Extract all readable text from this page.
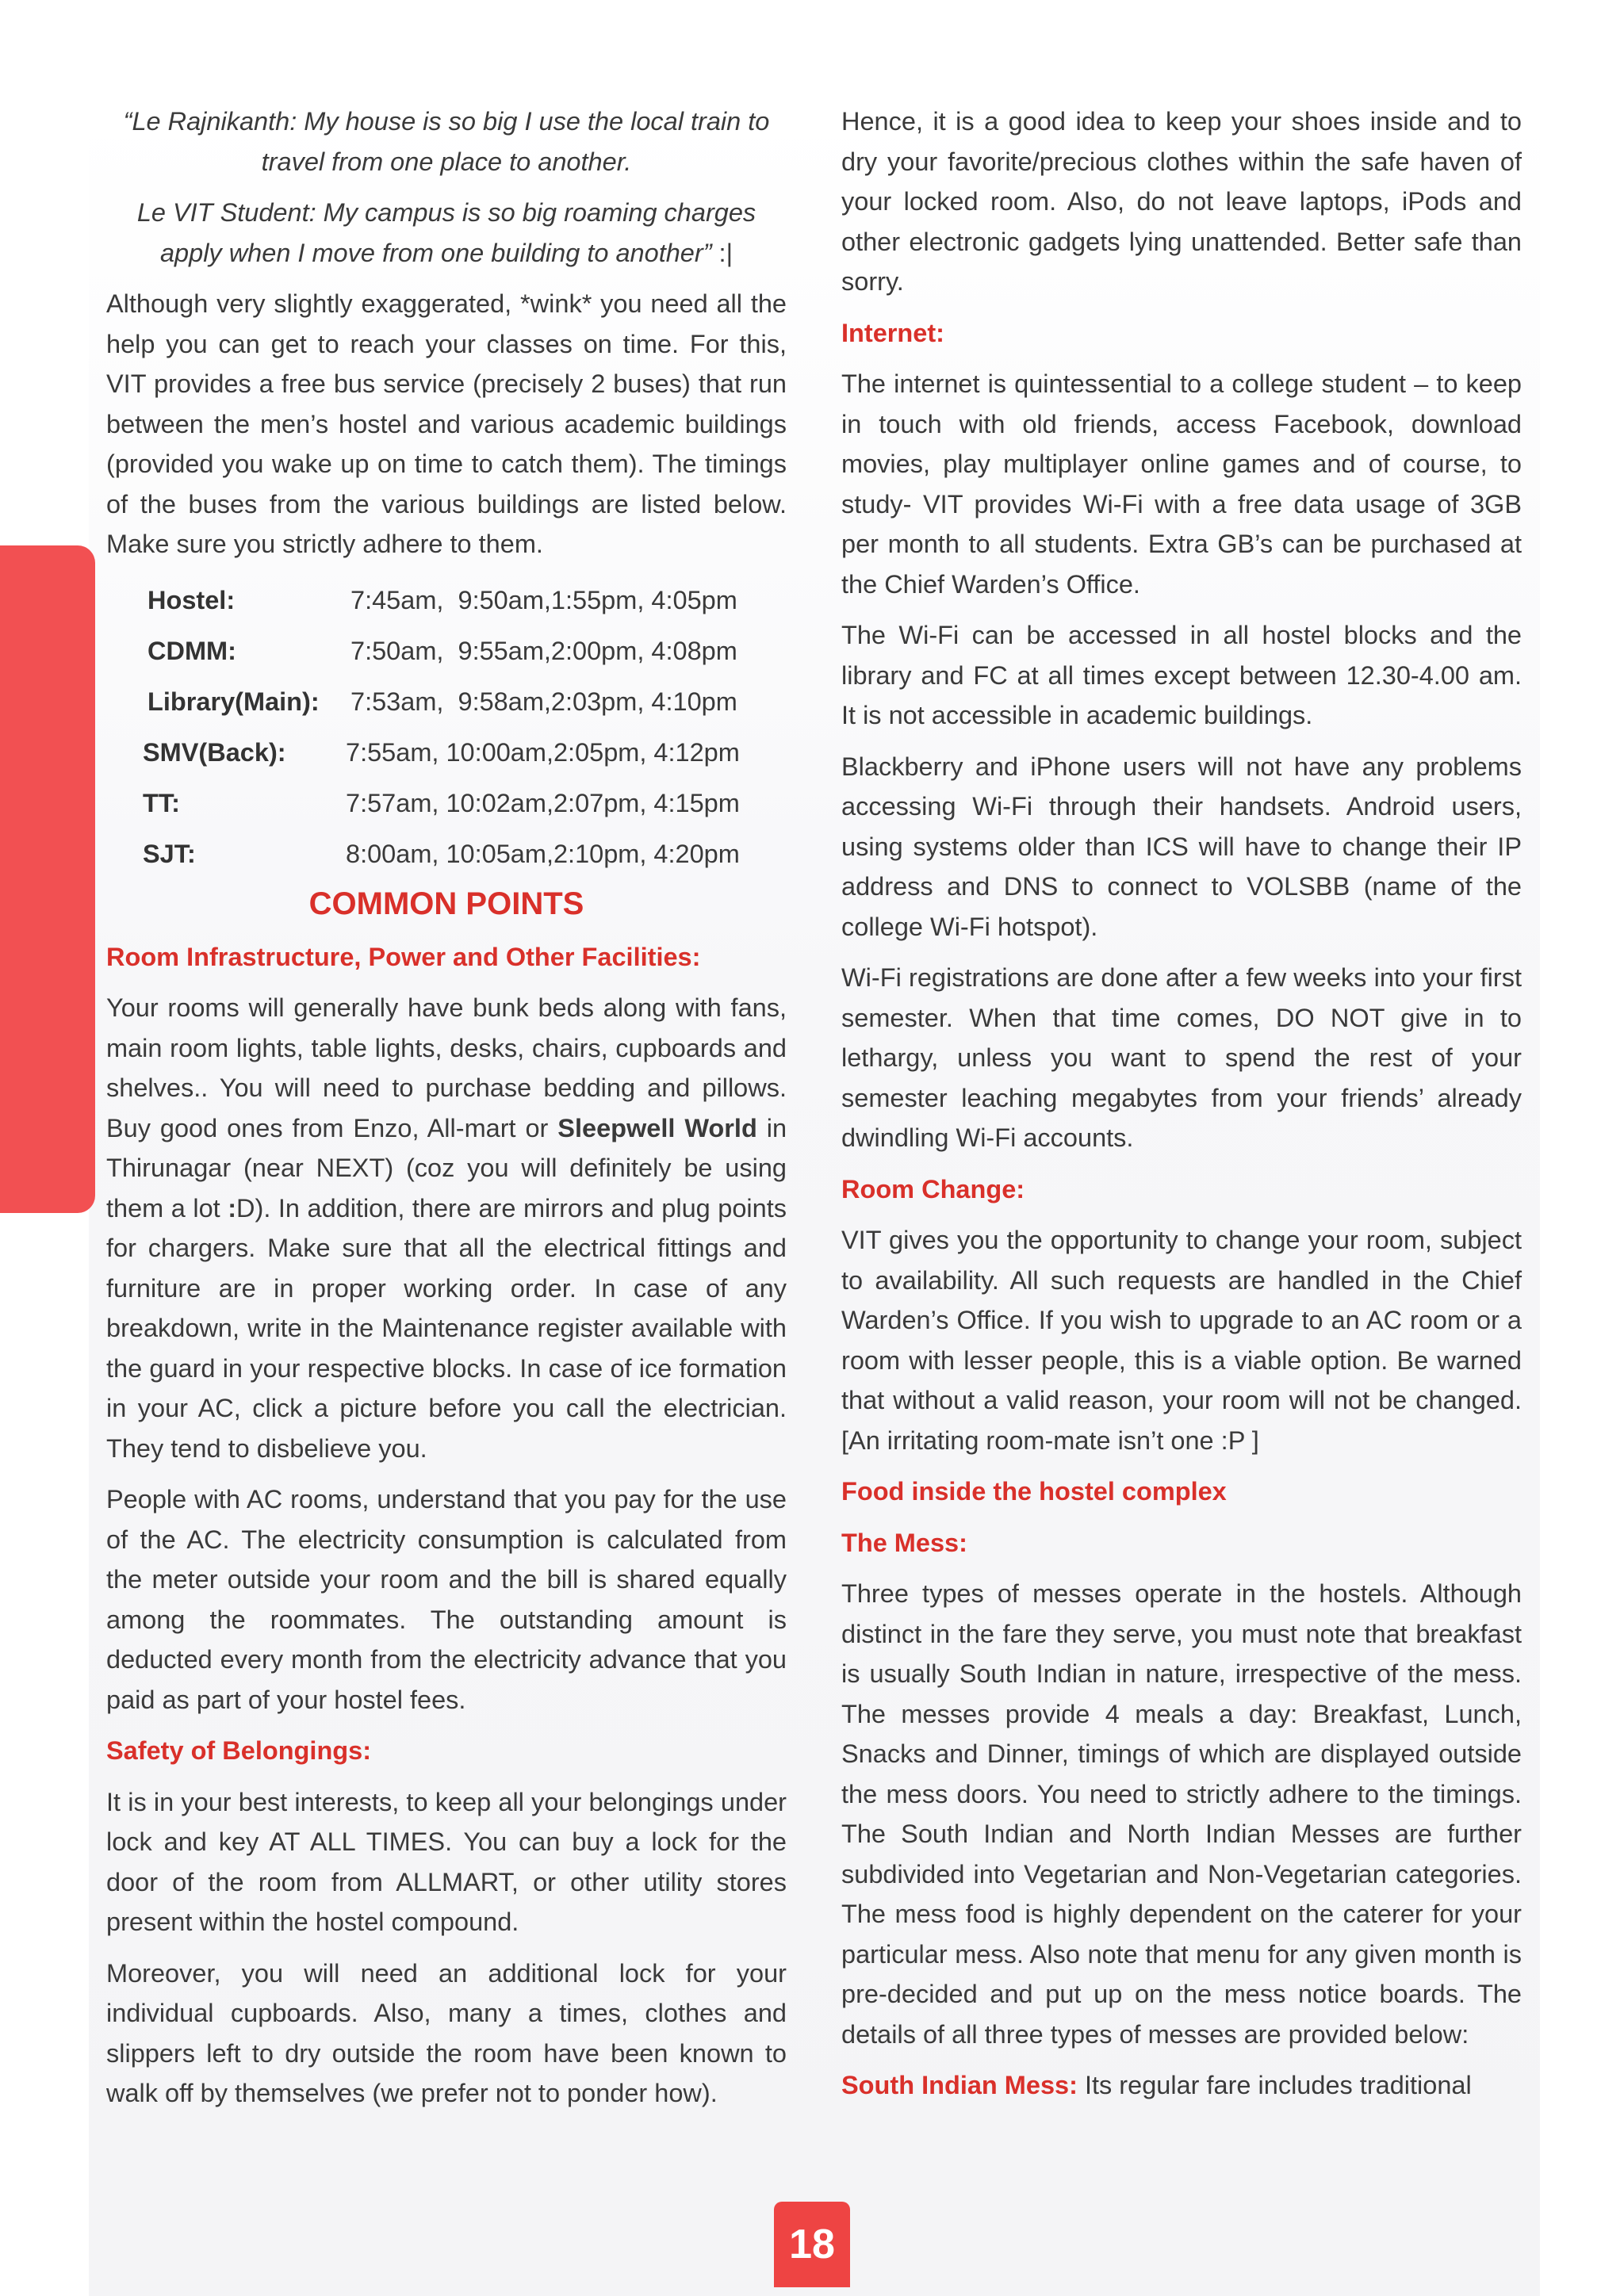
“Le Rajnikanth: My house is so big I use the local train to travel from one place to another.

Le VIT Student: My campus is so big roaming charges apply when I move from one building to another” :|

Although very slightly exaggerated, *wink* you need all the help you can get to reach your classes on time. For this, VIT provides a free bus service (precisely 2 buses) that run between the men’s hostel and various academic buildings (provided you wake up on time to catch them). The timings of the buses from the various buildings are listed below. Make sure you strictly adhere to them.

Hostel:	7:45am,  9:50am,1:55pm, 4:05pm
CDMM:	7:50am,  9:55am,2:00pm, 4:08pm
Library(Main):	7:53am,  9:58am,2:03pm, 4:10pm
SMV(Back):	7:55am, 10:00am,2:05pm, 4:12pm
TT:	7:57am, 10:02am,2:07pm, 4:15pm
SJT:	8:00am, 10:05am,2:10pm, 4:20pm
COMMON POINTS
Room Infrastructure, Power and Other Facilities:

Your rooms will generally have bunk beds along with fans, main room lights, table lights, desks, chairs, cupboards and shelves.. You will need to purchase bedding and pillows. Buy good ones from Enzo, All-mart or Sleepwell World in Thirunagar (near NEXT) (coz you will definitely be using them a lot :D). In addition, there are mirrors and plug points for chargers. Make sure that all the electrical fittings and furniture are in proper working order. In case of any breakdown, write in the Maintenance register available with the guard in your respective blocks. In case of ice formation in your AC, click a picture before you call the electrician. They tend to disbelieve you.

People with AC rooms, understand that you pay for the use of the AC. The electricity consumption is calculated from the meter outside your room and the bill is shared equally among the roommates. The outstanding amount is deducted every month from the electricity advance that you paid as part of your hostel fees.

Safety of Belongings:

It is in your best interests, to keep all your belongings under lock and key AT ALL TIMES. You can buy a lock for the door of the room from ALLMART, or other utility stores present within the hostel compound.

Moreover, you will need an additional lock for your individual cupboards. Also, many a times, clothes and slippers left to dry outside the room have been known to walk off by themselves (we prefer not to ponder how).

Hence, it is a good idea to keep your shoes inside and to dry your favorite/precious clothes within the safe haven of your locked room. Also, do not leave laptops, iPods and other electronic gadgets lying unattended. Better safe than sorry.

Internet:

The internet is quintessential to a college student – to keep in touch with old friends, access Facebook, download movies, play multiplayer online games and of course, to study- VIT provides Wi-Fi with a free data usage of 3GB per month to all students. Extra GB’s can be purchased at the Chief Warden’s Office.

The Wi-Fi can be accessed in all hostel blocks and the library and FC at all times except between 12.30-4.00 am. It is not accessible in academic buildings.

Blackberry and iPhone users will not have any problems accessing Wi-Fi through their handsets. Android users, using systems older than ICS will have to change their IP address and DNS to connect to VOLSBB (name of the college Wi-Fi hotspot).

Wi-Fi registrations are done after a few weeks into your first semester. When that time comes, DO NOT give in to lethargy, unless you want to spend the rest of your semester leaching megabytes from your friends’ already dwindling Wi-Fi accounts.

Room Change:

VIT gives you the opportunity to change your room, subject to availability. All such requests are handled in the Chief Warden’s Office. If you wish to upgrade to an AC room or a room with lesser people, this is a viable option. Be warned that without a valid reason, your room will not be changed. [An irritating room-mate isn’t one :P ]

Food inside the hostel complex
The Mess:

Three types of messes operate in the hostels. Although distinct in the fare they serve, you must note that breakfast is usually South Indian in nature, irrespective of the mess. The messes provide 4 meals a day: Breakfast, Lunch, Snacks and Dinner, timings of which are displayed outside the mess doors. You need to strictly adhere to the timings. The South Indian and North Indian Messes are further subdivided into Vegetarian and Non-Vegetarian categories. The mess food is highly dependent on the caterer for your particular mess. Also note that menu for any given month is pre-decided and put up on the mess notice boards. The details of all three types of messes are provided below:

South Indian Mess: Its regular fare includes traditional

18
